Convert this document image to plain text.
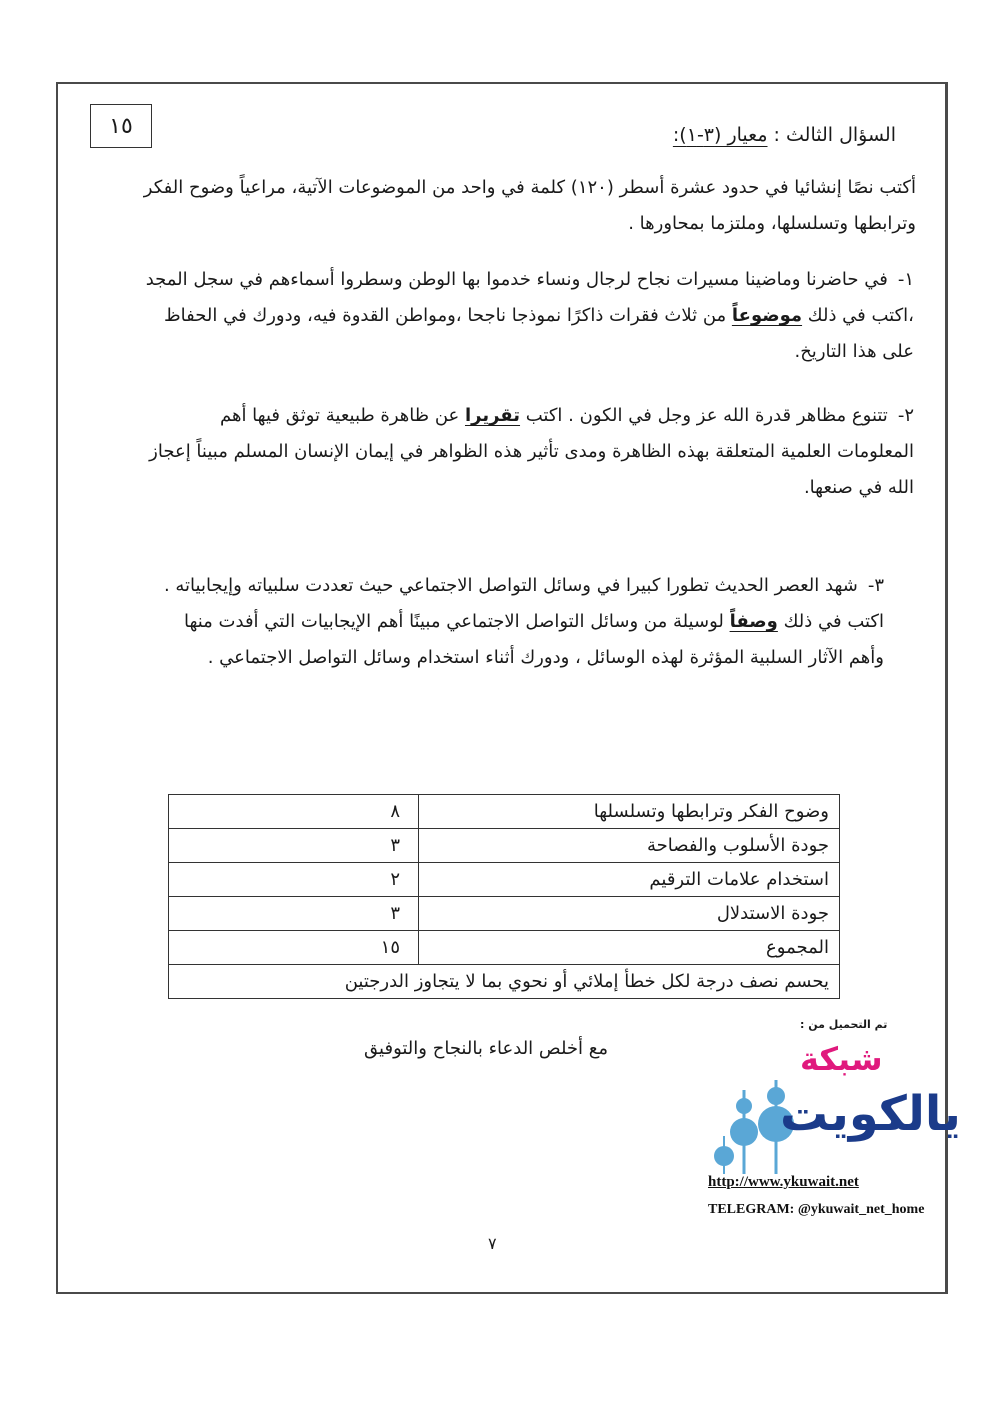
١٥	السؤال الثالث : معيار (٣-١):
أكتب نصًا إنشائيا في حدود عشرة أسطر (١٢٠) كلمة في واحد من الموضوعات الآتية، مراعياً وضوح الفكر وترابطها وتسلسلها، وملتزما بمحاورها .
١-في حاضرنا وماضينا مسيرات نجاح لرجال ونساء خدموا بها الوطن وسطروا أسماءهم في سجل المجد ،اكتب في ذلك موضوعاً من ثلاث فقرات ذاكرًا نموذجا ناجحا ،ومواطن القدوة فيه، ودورك في الحفاظ على هذا التاريخ.
٢-تتنوع مظاهر قدرة الله عز وجل في الكون . اكتب تقريرا عن ظاهرة طبيعية توثق فيها أهم المعلومات العلمية المتعلقة بهذه الظاهرة ومدى تأثير هذه الظواهر في إيمان الإنسان المسلم مبيناً إعجاز الله في صنعها.
٣-شهد العصر الحديث تطورا كبيرا في وسائل التواصل الاجتماعي حيث تعددت سلبياته وإيجابياته . اكتب في ذلك وصفاً لوسيلة من وسائل التواصل الاجتماعي مبينًا أهم الإيجابيات التي أفدت منها وأهم الآثار السلبية المؤثرة لهذه الوسائل ، ودورك أثناء استخدام وسائل التواصل الاجتماعي .
وضوح الفكر وترابطها وتسلسلها	٨
جودة الأسلوب والفصاحة	٣
استخدام علامات الترقيم	٢
جودة الاستدلال	٣
المجموع	١٥
يحسم نصف درجة لكل خطأ إملائي أو نحوي بما لا يتجاوز الدرجتين	
تم التحميل من :
مع أخلص الدعاء بالنجاح والتوفيق	شبكة
يالكويت
http://www.ykuwait.net
TELEGRAM: @ykuwait_net_home
٧
